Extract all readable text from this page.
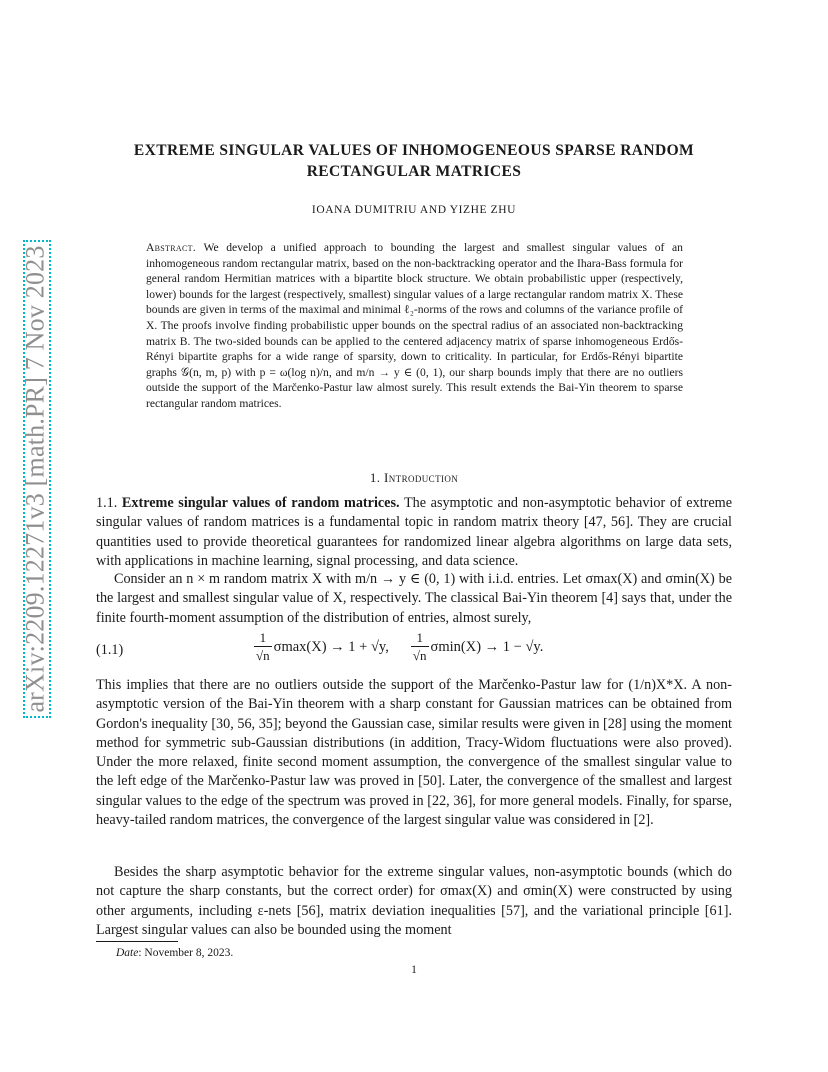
arXiv:2209.12271v3 [math.PR] 7 Nov 2023
EXTREME SINGULAR VALUES OF INHOMOGENEOUS SPARSE RANDOM RECTANGULAR MATRICES
IOANA DUMITRIU AND YIZHE ZHU
Abstract. We develop a unified approach to bounding the largest and smallest singular values of an inhomogeneous random rectangular matrix, based on the non-backtracking operator and the Ihara-Bass formula for general random Hermitian matrices with a bipartite block structure. We obtain probabilistic upper (respectively, lower) bounds for the largest (respectively, smallest) singular values of a large rectangular random matrix X. These bounds are given in terms of the maximal and minimal ℓ₂-norms of the rows and columns of the variance profile of X. The proofs involve finding probabilistic upper bounds on the spectral radius of an associated non-backtracking matrix B. The two-sided bounds can be applied to the centered adjacency matrix of sparse inhomogeneous Erdős-Rényi bipartite graphs for a wide range of sparsity, down to criticality. In particular, for Erdős-Rényi bipartite graphs 𝒢(n, m, p) with p = ω(log n)/n, and m/n → y ∈ (0, 1), our sharp bounds imply that there are no outliers outside the support of the Marčenko-Pastur law almost surely. This result extends the Bai-Yin theorem to sparse rectangular random matrices.
1. Introduction
1.1. Extreme singular values of random matrices. The asymptotic and non-asymptotic behavior of extreme singular values of random matrices is a fundamental topic in random matrix theory [47, 56]. They are crucial quantities used to provide theoretical guarantees for randomized linear algebra algorithms on large data sets, with applications in machine learning, signal processing, and data science.
Consider an n × m random matrix X with m/n → y ∈ (0, 1) with i.i.d. entries. Let σmax(X) and σmin(X) be the largest and smallest singular value of X, respectively. The classical Bai-Yin theorem [4] says that, under the finite fourth-moment assumption of the distribution of entries, almost surely,
(1.1)	$\frac{1}{√n} \sigma\max(X) \to 1 + √y$, $\frac{1}{√n} \sigma\min(X) \to 1 - √y$.
This implies that there are no outliers outside the support of the Marčenko-Pastur law for (1/n)X*X. A non-asymptotic version of the Bai-Yin theorem with a sharp constant for Gaussian matrices can be obtained from Gordon's inequality [30, 56, 35]; beyond the Gaussian case, similar results were given in [28] using the moment method for symmetric sub-Gaussian distributions (in addition, Tracy-Widom fluctuations were also proved). Under the more relaxed, finite second moment assumption, the convergence of the smallest singular value to the left edge of the Marčenko-Pastur law was proved in [50]. Later, the convergence of the smallest and largest singular values to the edge of the spectrum was proved in [22, 36], for more general models. Finally, for sparse, heavy-tailed random matrices, the convergence of the largest singular value was considered in [2].
Besides the sharp asymptotic behavior for the extreme singular values, non-asymptotic bounds (which do not capture the sharp constants, but the correct order) for σmax(X) and σmin(X) were constructed by using other arguments, including ε-nets [56], matrix deviation inequalities [57], and the variational principle [61]. Largest singular values can also be bounded using the moment
Date: November 8, 2023.
1
